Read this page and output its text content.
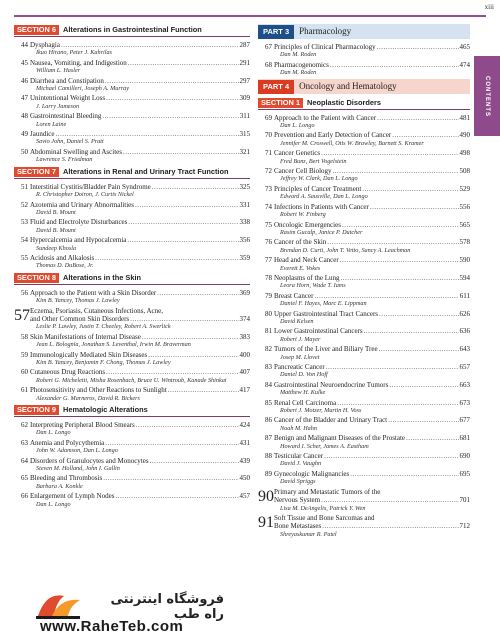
xiii
SECTION 6 Alterations in Gastrointestinal Function
44 Dysphagia .....	287
Ikuo Hirano, Peter J. Kahrilas
45 Nausea, Vomiting, and Indigestion .....	291
William L. Hasler
46 Diarrhea and Constipation .....	297
Michael Camilleri, Joseph A. Murray
47 Unintentional Weight Loss .....	309
J. Larry Jameson
48 Gastrointestinal Bleeding .....	311
Loren Laine
49 Jaundice .....	315
Savio John, Daniel S. Pratt
50 Abdominal Swelling and Ascites .....	321
Lawrence S. Friedman
SECTION 7 Alterations in Renal and Urinary Tract Function
51 Interstitial Cystitis/Bladder Pain Syndrome .....	325
R. Christopher Doiron, J. Curtis Nickel
52 Azotemia and Urinary Abnormalities .....	331
David B. Mount
53 Fluid and Electrolyte Disturbances .....	338
David B. Mount
54 Hypercalcemia and Hypocalcemia .....	356
Sundeep Khosla
55 Acidosis and Alkalosis .....	359
Thomas D. DuBose, Jr.
SECTION 8 Alterations in the Skin
56 Approach to the Patient with a Skin Disorder .....	369
Kim B. Yancey, Thomas J. Lawley
57 Eczema, Psoriasis, Cutaneous Infections, Acne,
and Other Common Skin Disorders .....	374
Leslie P. Lawley, Justin T. Cheeley, Robert A. Swerlick
58 Skin Manifestations of Internal Disease .....	383
Jean L. Bolognia, Jonathan S. Leventhal, Irwin M. Braverman
59 Immunologically Mediated Skin Diseases .....	400
Kim B. Yancey, Benjamin F. Chong, Thomas J. Lawley
60 Cutaneous Drug Reactions .....	407
Robert G. Micheletti, Misha Rosenbach, Bruce U. Wintroub, Kanade Shinkai
61 Photosensitivity and Other Reactions to Sunlight .....	417
Alexander G. Marneros, David R. Bickers
SECTION 9 Hematologic Alterations
62 Interpreting Peripheral Blood Smears .....	424
Dan L. Longo
63 Anemia and Polycythemia .....	431
John W. Adamson, Dan L. Longo
64 Disorders of Granulocytes and Monocytes .....	439
Steven M. Holland, John I. Gallin
65 Bleeding and Thrombosis .....	450
Barbara A. Konkle
66 Enlargement of Lymph Nodes .....	457
Dan L. Longo
PART 3 Pharmacology
67 Principles of Clinical Pharmacology .....	465
Dan M. Roden
68 Pharmacogenomics .....	474
Dan M. Roden
PART 4 Oncology and Hematology
SECTION 1 Neoplastic Disorders
69 Approach to the Patient with Cancer .....	481
Dan L. Longo
70 Prevention and Early Detection of Cancer .....	490
Jennifer M. Croswell, Otis W. Brawley, Barnett S. Kramer
71 Cancer Genetics .....	498
Fred Bunz, Bert Vogelstein
72 Cancer Cell Biology .....	508
Jeffrey W. Clark, Dan L. Longo
73 Principles of Cancer Treatment .....	529
Edward A. Sausville, Dan L. Longo
74 Infections in Patients with Cancer .....	556
Robert W. Finberg
75 Oncologic Emergencies .....	565
Rasim Gucalp, Janice P. Dutcher
76 Cancer of the Skin .....	578
Brendan D. Curti, John T. Vetto, Sancy A. Leachman
77 Head and Neck Cancer .....	590
Everett E. Vokes
78 Neoplasms of the Lung .....	594
Leora Horn, Wade T. Iams
79 Breast Cancer .....	611
Daniel F. Hayes, Marc E. Lippman
80 Upper Gastrointestinal Tract Cancers .....	626
David Kelsen
81 Lower Gastrointestinal Cancers .....	636
Robert J. Mayer
82 Tumors of the Liver and Biliary Tree .....	643
Josep M. Llovet
83 Pancreatic Cancer .....	657
Daniel D. Von Hoff
84 Gastrointestinal Neuroendocrine Tumors .....	663
Matthew H. Kulke
85 Renal Cell Carcinoma .....	673
Robert J. Motzer, Martin H. Voss
86 Cancer of the Bladder and Urinary Tract .....	677
Noah M. Hahn
87 Benign and Malignant Diseases of the Prostate .....	681
Howard I. Scher, James A. Eastham
88 Testicular Cancer .....	690
David J. Vaughn
89 Gynecologic Malignancies .....	695
David Spriggs
90 Primary and Metastatic Tumors of the
Nervous System .....	701
Lisa M. DeAngelis, Patrick Y. Wen
91 Soft Tissue and Bone Sarcomas and
Bone Metastases .....	712
Shreyaskumar R. Patel
CONTENTS
فروشگاه اینترنتی راه طب
www.RaheTeb.com
